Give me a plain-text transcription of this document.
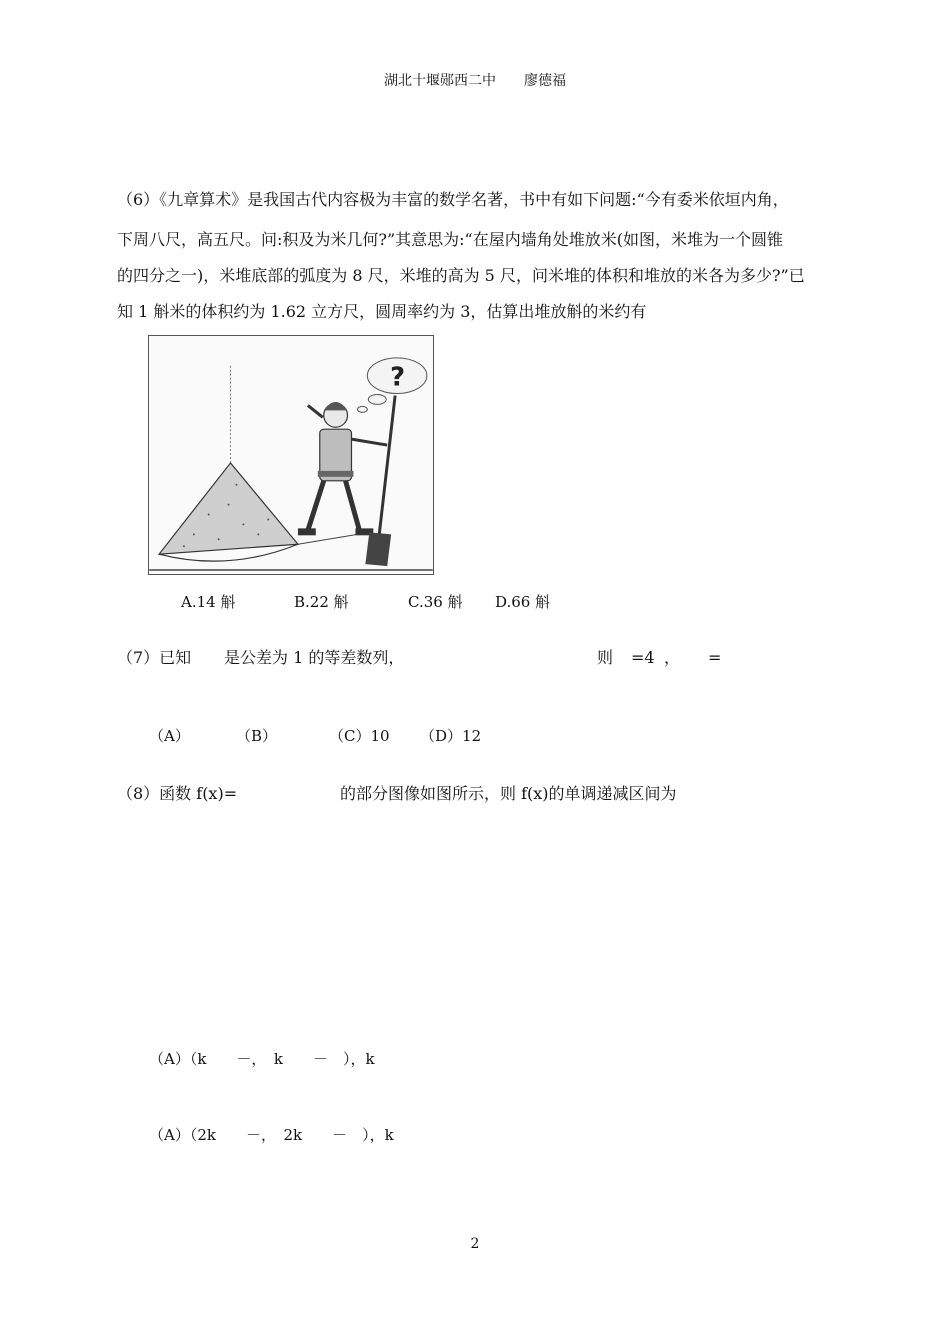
湖北十堰郧西二中　　廖德福
（6）《九章算术》是我国古代内容极为丰富的数学名著，书中有如下问题:“今有委米依垣内角，
下周八尺，高五尺。问:积及为米几何?”其意思为:“在屋内墙角处堆放米(如图，米堆为一个圆锥
的四分之一)，米堆底部的弧度为 8 尺，米堆的高为 5 尺，问米堆的体积和堆放的米各为多少?”已
知 1 斛米的体积约为 1.62 立方尺，圆周率约为 3，估算出堆放斛的米约有
?
A.14 斛	B.22 斛	C.36 斛 D.66 斛
（7）已知 是公差为 1 的等差数列，	则 =4 ， =
（A）	（B）	（C）10 （D）12
（8）函数 f(x)=	的部分图像如图所示，则 f(x)的单调递减区间为
（A）（k　　－，　k　　－　），k
（A）（2k　　－，　2k　　－　），k
2
